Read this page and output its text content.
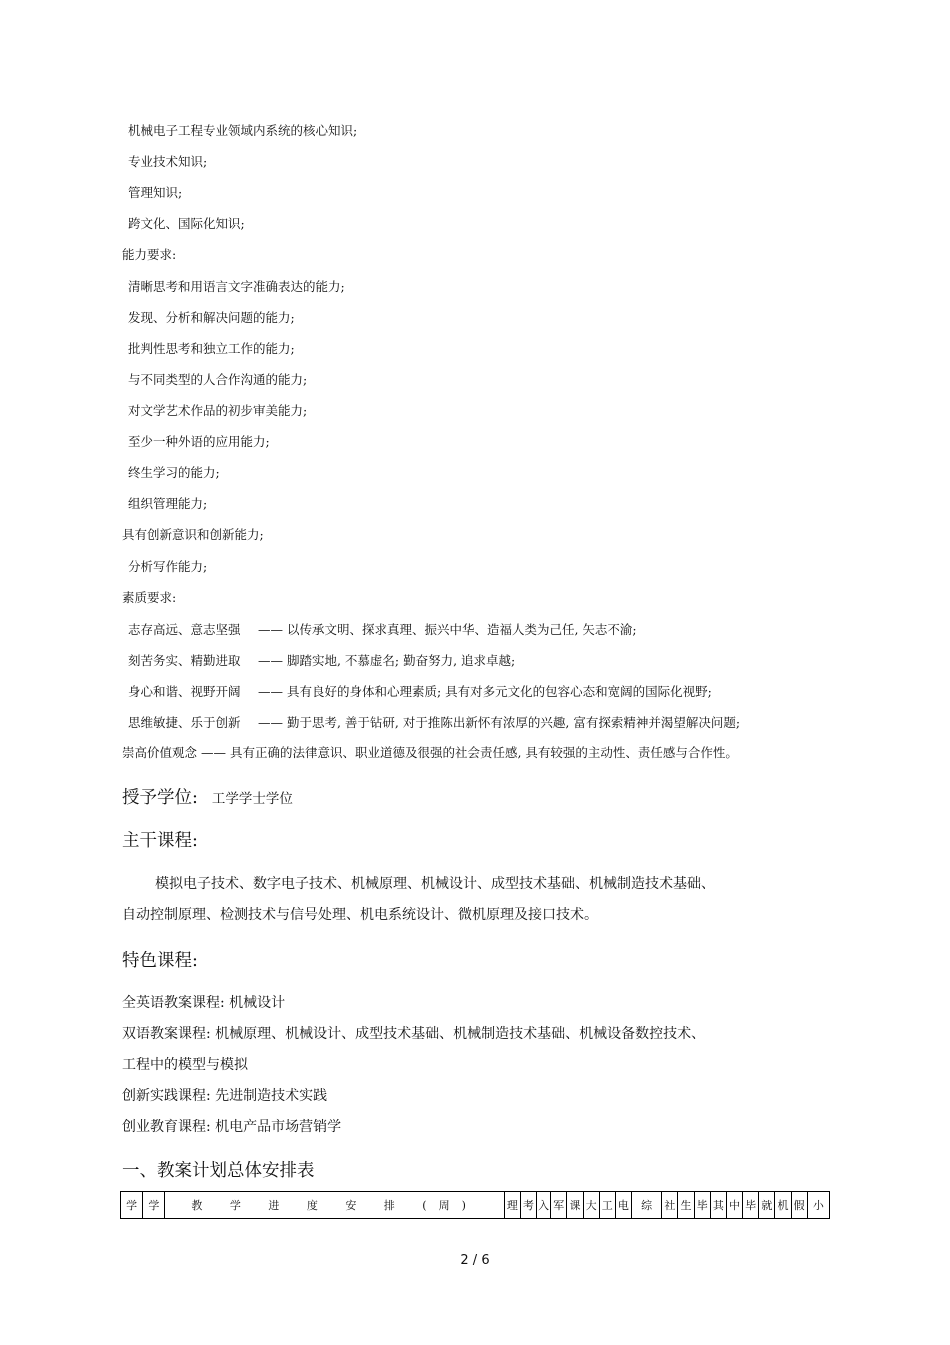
机械电子工程专业领域内系统的核心知识;
专业技术知识;
管理知识;
跨文化、国际化知识;
能力要求:
清晰思考和用语言文字准确表达的能力;
发现、分析和解决问题的能力;
批判性思考和独立工作的能力;
与不同类型的人合作沟通的能力;
对文学艺术作品的初步审美能力;
至少一种外语的应用能力;
终生学习的能力;
组织管理能力;
具有创新意识和创新能力;
分析写作能力;
素质要求:
志存高远、意志坚强 —— 以传承文明、探求真理、振兴中华、造福人类为己任, 矢志不渝;
刻苦务实、精勤进取 —— 脚踏实地, 不慕虚名; 勤奋努力, 追求卓越;
身心和谐、视野开阔 —— 具有良好的身体和心理素质; 具有对多元文化的包容心态和宽阔的国际化视野;
思维敏捷、乐于创新 —— 勤于思考, 善于钻研, 对于推陈出新怀有浓厚的兴趣, 富有探索精神并渴望解决问题;
崇高价值观念 —— 具有正确的法律意识、职业道德及很强的社会责任感, 具有较强的主动性、责任感与合作性。
授予学位: 工学学士学位
主干课程:
模拟电子技术、数字电子技术、机械原理、机械设计、成型技术基础、机械制造技术基础、
自动控制原理、检测技术与信号处理、机电系统设计、微机原理及接口技术。
特色课程:
全英语教案课程: 机械设计
双语教案课程: 机械原理、机械设计、成型技术基础、机械制造技术基础、机械设备数控技术、
工程中的模型与模拟
创新实践课程: 先进制造技术实践
创业教育课程: 机电产品市场营销学
一、教案计划总体安排表
学	学	教 学 进 度 安 排 (周)	理	考	入	军	课	大	工	电	综	社	生	毕	其	中	毕	就	机	假	小
2 / 6
